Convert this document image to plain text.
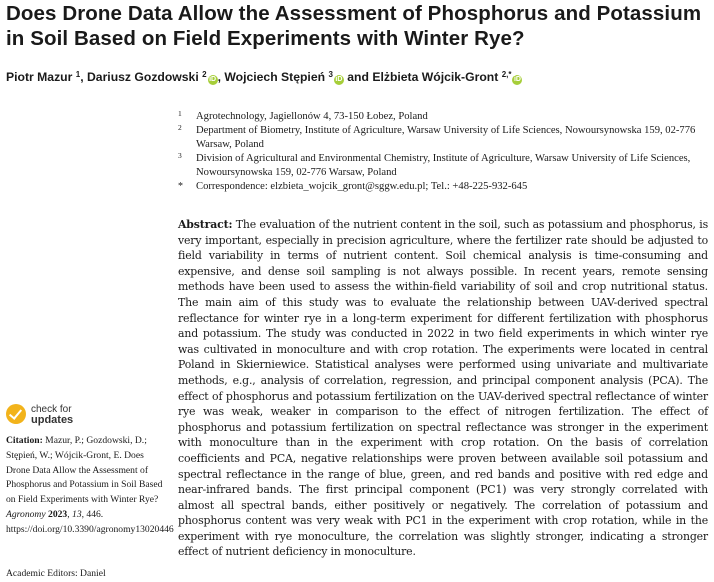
Does Drone Data Allow the Assessment of Phosphorus and Potassium in Soil Based on Field Experiments with Winter Rye?
Piotr Mazur $^1$, Dariusz Gozdowski $^2$iD , Wojciech Stępień $^3$iD and Elżbieta Wójcik-Gront $^{2,*}$iD
1 Agrotechnology, Jagiellonów 4, 73-150 Łobez, Poland
2 Department of Biometry, Institute of Agriculture, Warsaw University of Life Sciences, Nowoursynowska 159, 02-776 Warsaw, Poland
3 Division of Agricultural and Environmental Chemistry, Institute of Agriculture, Warsaw University of Life Sciences, Nowoursynowska 159, 02-776 Warsaw, Poland
* Correspondence: elzbieta_wojcik_gront@sggw.edu.pl; Tel.: +48-225-932-645
Abstract: The evaluation of the nutrient content in the soil, such as potassium and phosphorus, is very important, especially in precision agriculture, where the fertilizer rate should be adjusted to field variability in terms of nutrient content. Soil chemical analysis is time-consuming and expensive, and dense soil sampling is not always possible. In recent years, remote sensing methods have been used to assess the within-field variability of soil and crop nutritional status. The main aim of this study was to evaluate the relationship between UAV-derived spectral reflectance for winter rye in a long-term experiment for different fertilization with phosphorus and potassium. The study was conducted in 2022 in two field experiments in which winter rye was cultivated in monoculture and with crop rotation. The experiments were located in central Poland in Skierniewice. Statistical analyses were performed using univariate and multivariate methods, e.g., analysis of correlation, regression, and principal component analysis (PCA). The effect of phosphorus and potassium fertilization on the UAV-derived spectral reflectance of winter rye was weak, weaker in comparison to the effect of nitrogen fertilization. The effect of phosphorus and potassium fertilization on spectral reflectance was stronger in the experiment with monoculture than in the experiment with crop rotation. On the basis of correlation coefficients and PCA, negative relationships were proven between available soil potassium and spectral reflectance in the range of blue, green, and red bands and positive with red edge and near-infrared bands. The first principal component (PC1) was very strongly correlated with almost all spectral bands, either positively or negatively. The correlation of potassium and phosphorus content was very weak with PC1 in the experiment with crop rotation, while in the experiment with rye monoculture, the correlation was slightly stronger, indicating a stronger effect of nutrient deficiency in monoculture.
check for
updates
Citation: Mazur, P.; Gozdowski, D.; Stępień, W.; Wójcik-Gront, E. Does Drone Data Allow the Assessment of Phosphorus and Potassium in Soil Based on Field Experiments with Winter Rye? Agronomy 2023, 13, 446. https://doi.org/10.3390/agronomy13020446
Academic Editors: Daniel
